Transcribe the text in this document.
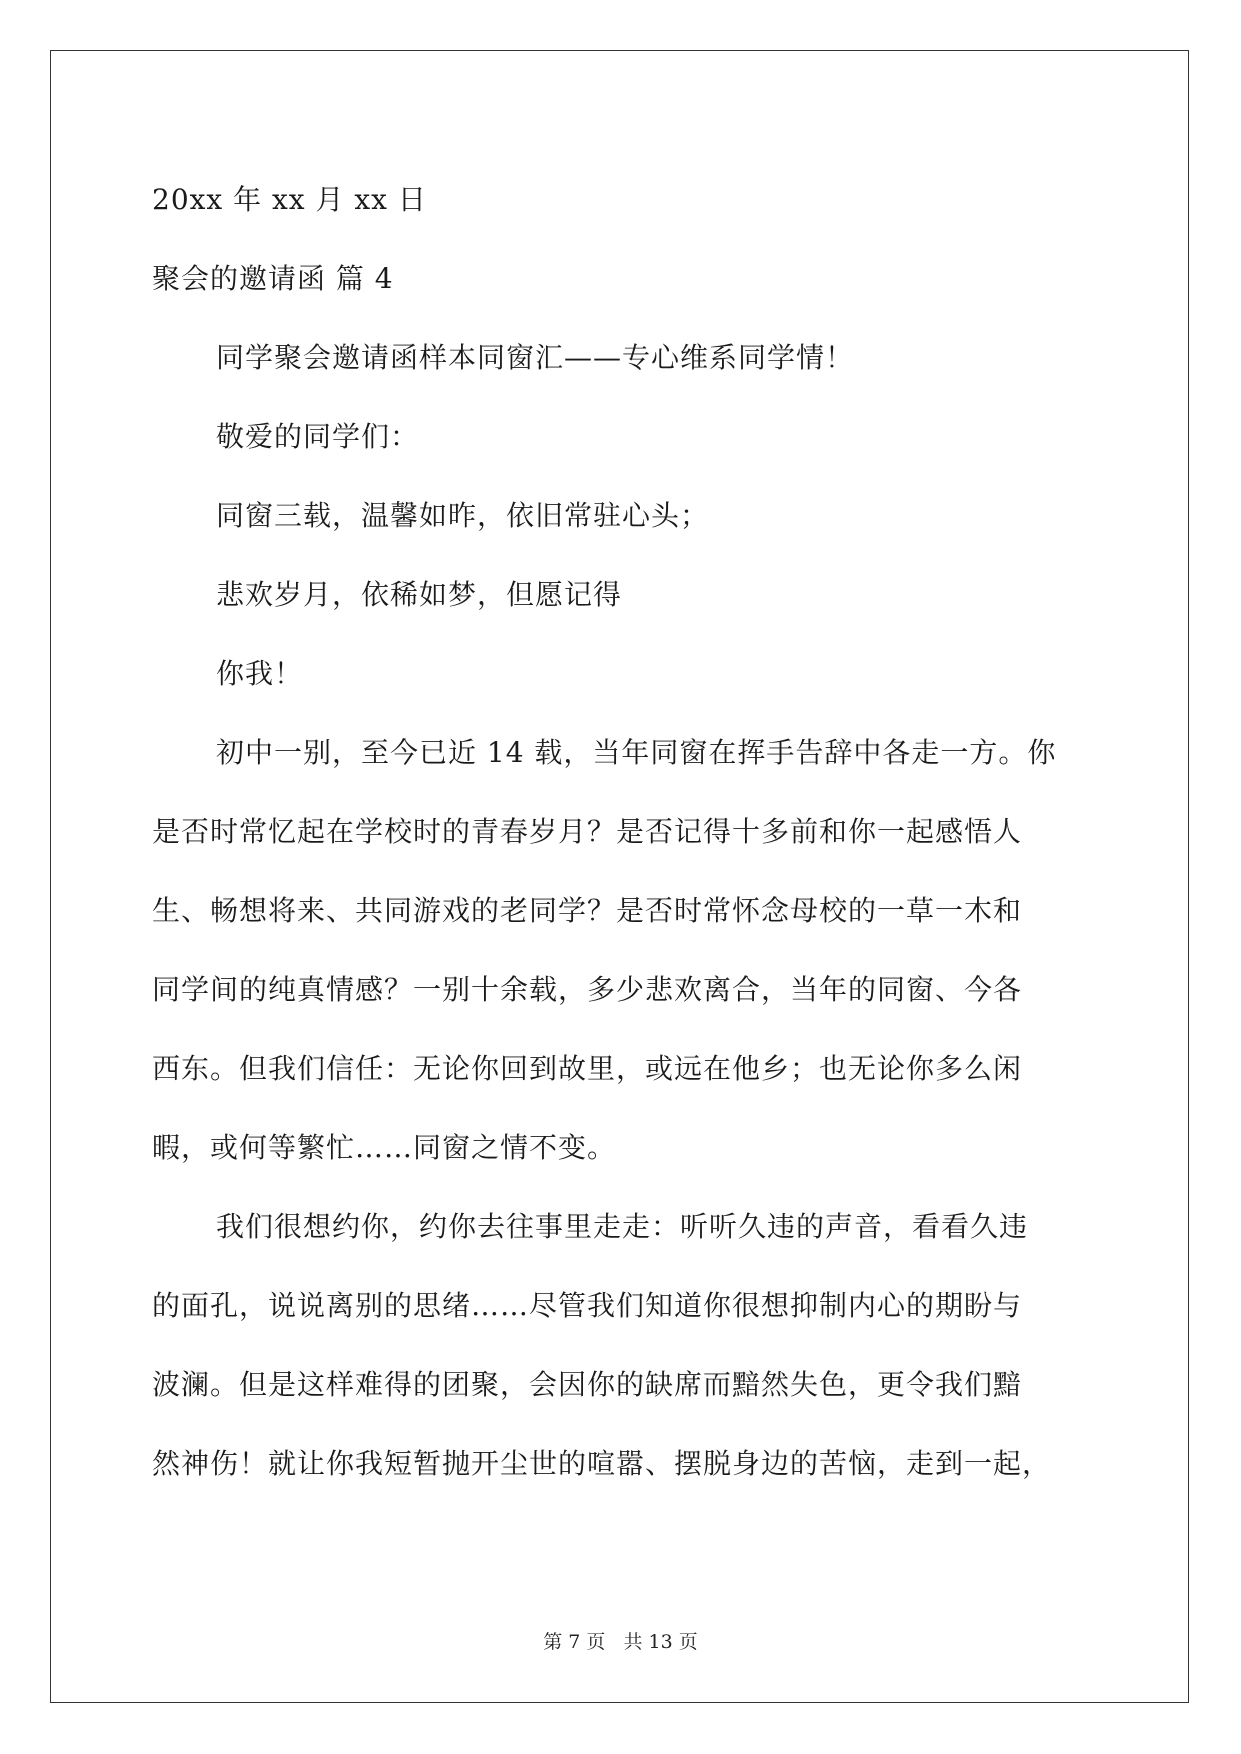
20xx 年 xx 月 xx 日
聚会的邀请函 篇 4
同学聚会邀请函样本同窗汇——专心维系同学情！
敬爱的同学们：
同窗三载，温馨如昨，依旧常驻心头；
悲欢岁月，依稀如梦，但愿记得
你我！
初中一别，至今已近 14 载，当年同窗在挥手告辞中各走一方。你
是否时常忆起在学校时的青春岁月？是否记得十多前和你一起感悟人
生、畅想将来、共同游戏的老同学？是否时常怀念母校的一草一木和
同学间的纯真情感？一别十余载，多少悲欢离合，当年的同窗、今各
西东。但我们信任：无论你回到故里，或远在他乡；也无论你多么闲
暇，或何等繁忙……同窗之情不变。
我们很想约你，约你去往事里走走：听听久违的声音，看看久违
的面孔，说说离别的思绪……尽管我们知道你很想抑制内心的期盼与
波澜。但是这样难得的团聚，会因你的缺席而黯然失色，更令我们黯
然神伤！就让你我短暂抛开尘世的喧嚣、摆脱身边的苦恼，走到一起，
第 7 页 共 13 页
